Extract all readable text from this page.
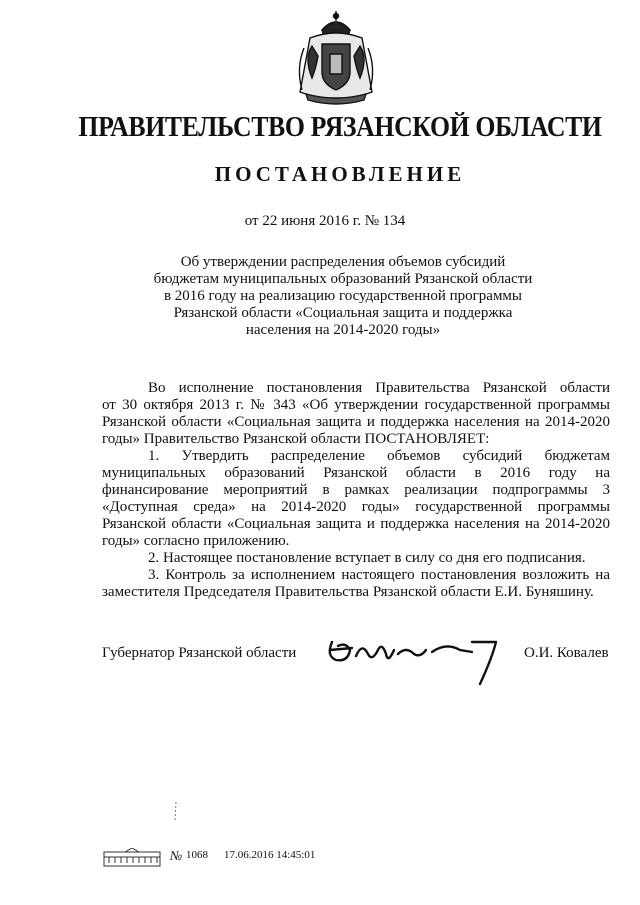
ПРАВИТЕЛЬСТВО РЯЗАНСКОЙ ОБЛАСТИ
ПОСТАНОВЛЕНИЕ
от 22 июня 2016 г. № 134
Об утверждении распределения объемов субсидий
бюджетам муниципальных образований Рязанской области
в 2016 году на реализацию государственной программы
Рязанской области «Социальная защита и поддержка
населения на 2014-2020 годы»
Во исполнение постановления Правительства Рязанской области
от 30 октября 2013 г. № 343 «Об утверждении государственной программы
Рязанской области «Социальная защита и поддержка населения на 2014-2020
годы» Правительство Рязанской области ПОСТАНОВЛЯЕТ:
1. Утвердить распределение объемов субсидий бюджетам
муниципальных образований Рязанской области в 2016 году на
финансирование мероприятий в рамках реализации подпрограммы 3
«Доступная среда» на 2014-2020 годы» государственной программы
Рязанской области «Социальная защита и поддержка населения на 2014-2020
годы» согласно приложению.
2. Настоящее постановление вступает в силу со дня его подписания.
3. Контроль за исполнением настоящего постановления возложить на
заместителя Председателя Правительства Рязанской области Е.И. Буняшину.
Губернатор Рязанской области	О.И. Ковалев
№ 1068 17.06.2016 14:45:01
